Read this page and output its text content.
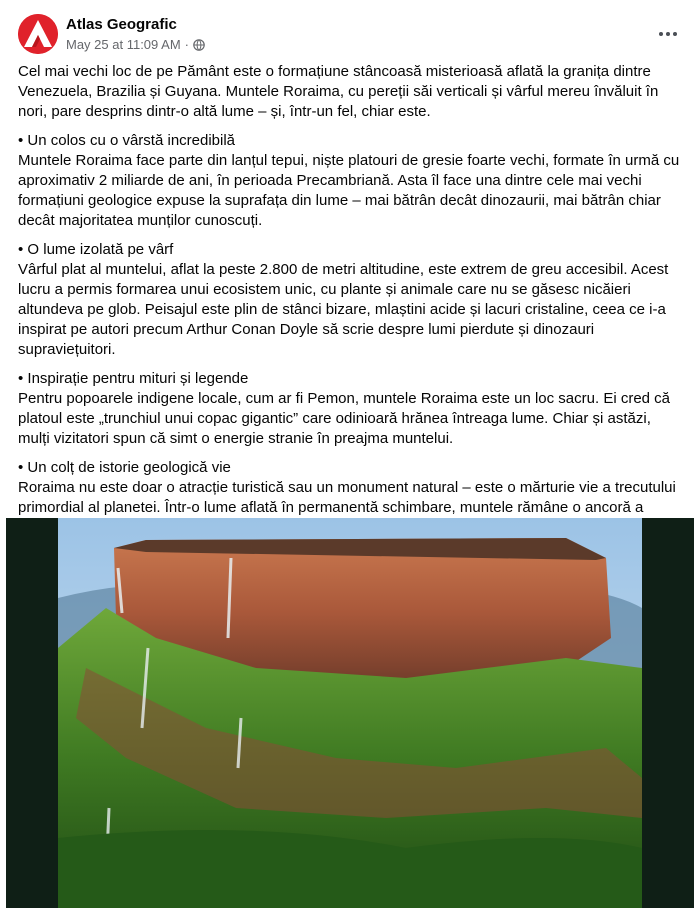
Atlas Geografic
May 25 at 11:09 AM ·
Cel mai vechi loc de pe Pământ este o formațiune stâncoasă misterioasă aflată la granița dintre Venezuela, Brazilia și Guyana. Muntele Roraima, cu pereții săi verticali și vârful mereu învăluit în nori, pare desprins dintr-o altă lume – și, într-un fel, chiar este.
• Un colos cu o vârstă incredibilă
Muntele Roraima face parte din lanțul tepui, niște platouri de gresie foarte vechi, formate în urmă cu aproximativ 2 miliarde de ani, în perioada Precambriană. Asta îl face una dintre cele mai vechi formațiuni geologice expuse la suprafața din lume – mai bătrân decât dinozaurii, mai bătrân chiar decât majoritatea munților cunoscuți.
• O lume izolată pe vârf
Vârful plat al muntelui, aflat la peste 2.800 de metri altitudine, este extrem de greu accesibil. Acest lucru a permis formarea unui ecosistem unic, cu plante și animale care nu se găsesc nicăieri altundeva pe glob. Peisajul este plin de stânci bizare, mlaștini acide și lacuri cristaline, ceea ce i-a inspirat pe autori precum Arthur Conan Doyle să scrie despre lumi pierdute și dinozauri supraviețuitori.
• Inspirație pentru mituri și legende
Pentru popoarele indigene locale, cum ar fi Pemon, muntele Roraima este un loc sacru. Ei cred că platoul este „trunchiul unui copac gigantic” care odinioară hrănea întreaga lume. Chiar și astăzi, mulți vizitatori spun că simt o energie stranie în preajma muntelui.
• Un colț de istorie geologică vie
Roraima nu este doar o atracție turistică sau un monument natural – este o mărturie vie a trecutului primordial al planetei. Într-o lume aflată în permanentă schimbare, muntele rămâne o ancoră a
